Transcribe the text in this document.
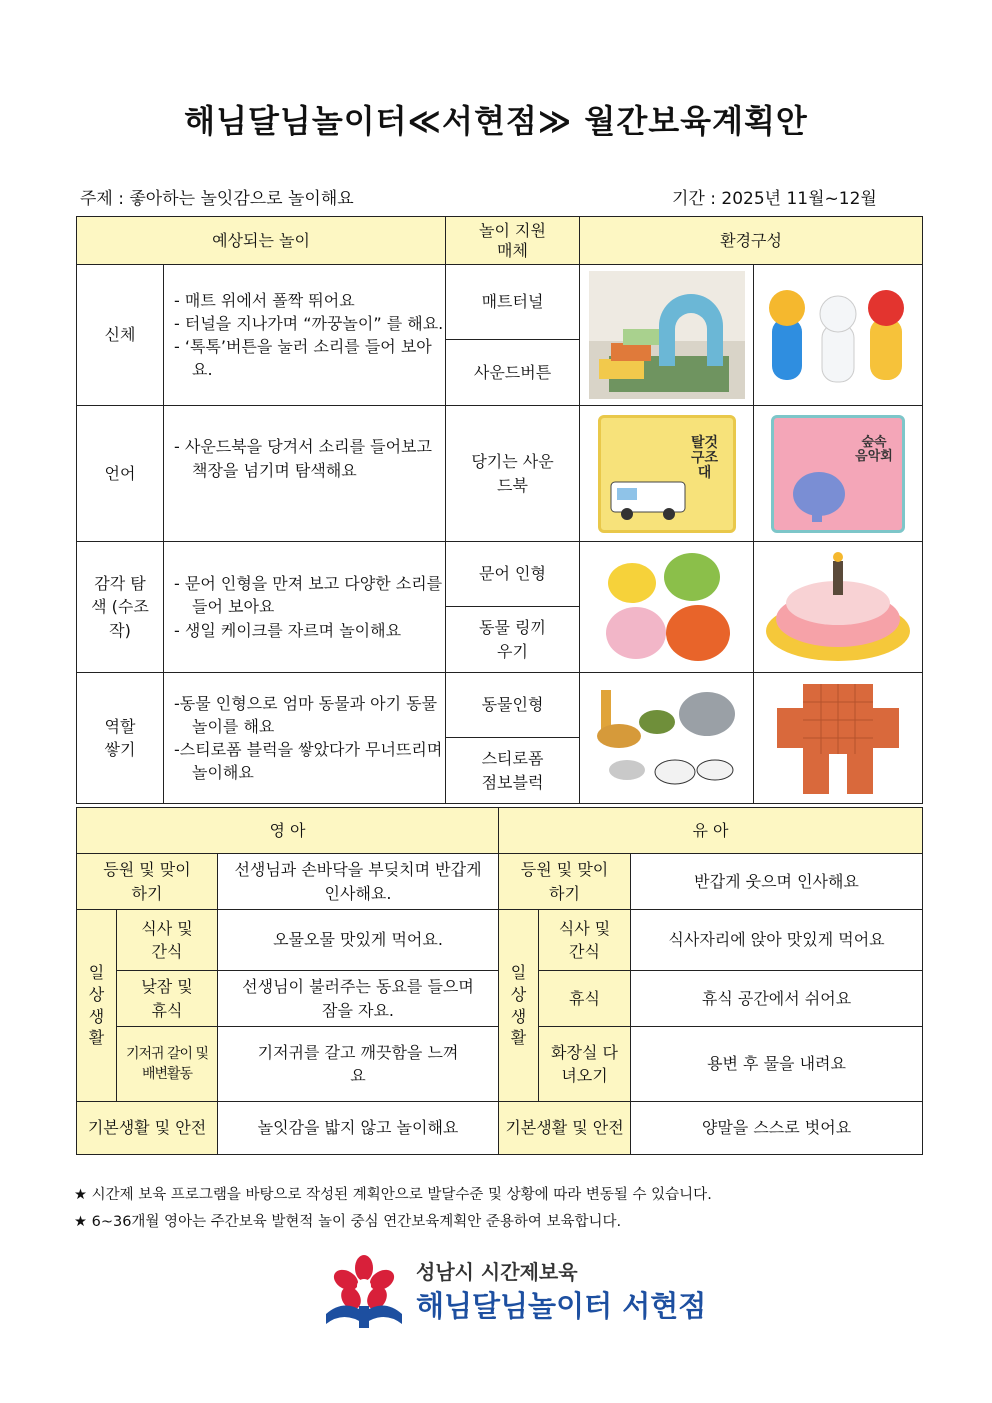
해님달님놀이터≪서현점≫ 월간보육계획안
주제 : 좋아하는 놀잇감으로 놀이해요	기간 : 2025년 11월~12월
예상되는 놀이		놀이 지원 매체	환경구성	
신체	- 매트 위에서 폴짝 뛰어요
- 터널을 지나가며 “까꿍놀이” 를 해요.
- ‘톡톡’버튼을 눌러 소리를 들어 보아요.	매트터널	

		사운드버튼		
언어	- 사운드북을 당겨서 소리를 들어보고 책장을 넘기며 탐색해요	당기는 사운드북	탈것 구조대	숲속 음악회

감각 탐색 (수조작)	- 문어 인형을 만져 보고 다양한 소리를 들어 보아요
- 생일 케이크를 자르며 놀이해요	문어 인형	

		동물 링끼우기		

역할 쌓기	-동물 인형으로 엄마 동물과 아기 동물 놀이를 해요
-스티로폼 블럭을 쌓았다가 무너뜨리며 놀이해요	동물인형	

		스티로폼 점보블럭		
영 아			유 아		

등원 및 맞이하기		선생님과 손바닥을 부딪치며 반갑게 인사해요.	등원 및 맞이하기		반갑게 웃으며 인사해요

일 상 생 활	식사 및 간식	오물오물 맛있게 먹어요.	일 상 생 활	식사 및 간식	식사자리에 앉아 맛있게 먹어요

	낮잠 및 휴식	선생님이 불러주는 동요를 들으며 잠을 자요.		휴식	휴식 공간에서 쉬어요

	기저귀 갈이 및 배변활동	기저귀를 갈고 깨끗함을 느껴요		화장실 다녀오기	용변 후 물을 내려요

기본생활 및 안전		놀잇감을 밟지 않고 놀이해요	기본생활 및 안전		양말을 스스로 벗어요
★ 시간제 보육 프로그램을 바탕으로 작성된 계획안으로 발달수준 및 상황에 따라 변동될 수 있습니다.
★ 6~36개월 영아는 주간보육 발현적 놀이 중심 연간보육계획안 준용하여 보육합니다.
성남시 시간제보육
해님달님놀이터 서현점
